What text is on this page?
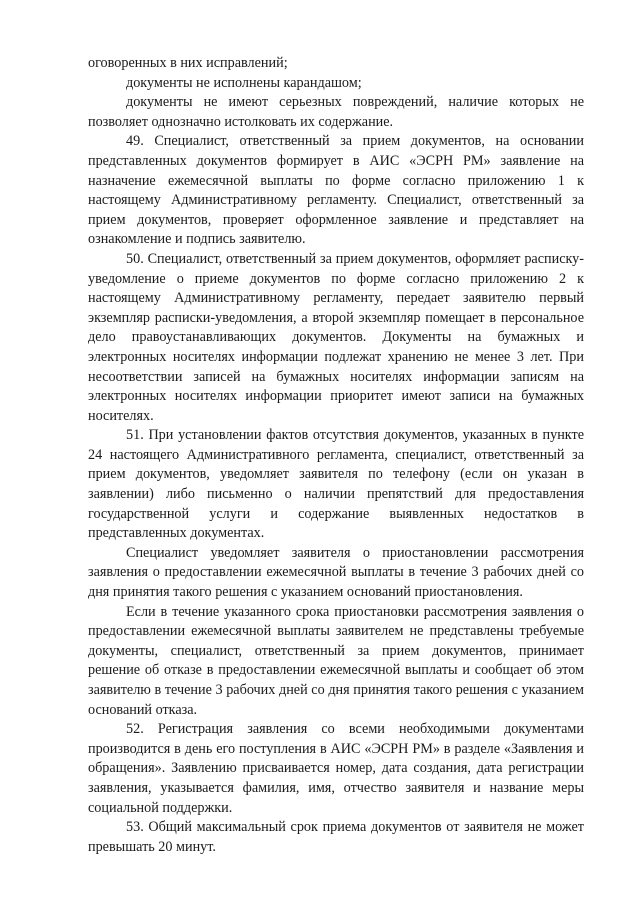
оговоренных в них исправлений;

документы не исполнены карандашом;

документы не имеют серьезных повреждений, наличие которых не позволяет однозначно истолковать их содержание.

49. Специалист, ответственный за прием документов, на основании представленных документов формирует в АИС «ЭСРН РМ» заявление на назначение ежемесячной выплаты по форме согласно приложению 1 к настоящему Административному регламенту. Специалист, ответственный за прием документов, проверяет оформленное заявление и представляет на ознакомление и подпись заявителю.

50. Специалист, ответственный за прием документов, оформляет расписку-уведомление о приеме документов по форме согласно приложению 2 к настоящему Административному регламенту, передает заявителю первый экземпляр расписки-уведомления, а второй экземпляр помещает в персональное дело правоустанавливающих документов. Документы на бумажных и электронных носителях информации подлежат хранению не менее 3 лет. При несоответствии записей на бумажных носителях информации записям на электронных носителях информации приоритет имеют записи на бумажных носителях.

51. При установлении фактов отсутствия документов, указанных в пункте 24 настоящего Административного регламента, специалист, ответственный за прием документов, уведомляет заявителя по телефону (если он указан в заявлении) либо письменно о наличии препятствий для предоставления государственной услуги и содержание выявленных недостатков в представленных документах.

Специалист уведомляет заявителя о приостановлении рассмотрения заявления о предоставлении ежемесячной выплаты в течение 3 рабочих дней со дня принятия такого решения с указанием оснований приостановления.

Если в течение указанного срока приостановки рассмотрения заявления о предоставлении ежемесячной выплаты заявителем не представлены требуемые документы, специалист, ответственный за прием документов, принимает решение об отказе в предоставлении ежемесячной выплаты и сообщает об этом заявителю в течение 3 рабочих дней со дня принятия такого решения с указанием оснований отказа.

52. Регистрация заявления со всеми необходимыми документами производится в день его поступления в АИС «ЭСРН РМ» в разделе «Заявления и обращения». Заявлению присваивается номер, дата создания, дата регистрации заявления, указывается фамилия, имя, отчество заявителя и название меры социальной поддержки.

53. Общий максимальный срок приема документов от заявителя не может превышать 20 минут.
